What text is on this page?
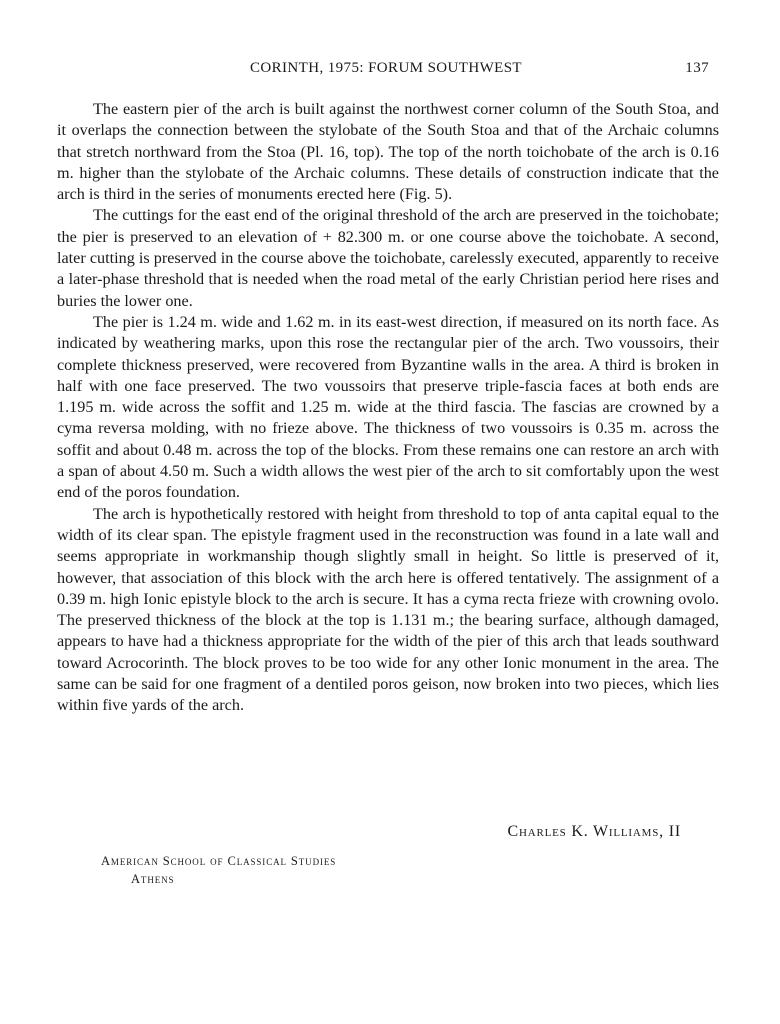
CORINTH, 1975: FORUM SOUTHWEST	137

The eastern pier of the arch is built against the northwest corner column of the South Stoa, and it overlaps the connection between the stylobate of the South Stoa and that of the Archaic columns that stretch northward from the Stoa (Pl. 16, top). The top of the north toichobate of the arch is 0.16 m. higher than the stylobate of the Archaic columns. These details of construction indicate that the arch is third in the series of monuments erected here (Fig. 5).

The cuttings for the east end of the original threshold of the arch are preserved in the toichobate; the pier is preserved to an elevation of + 82.300 m. or one course above the toichobate. A second, later cutting is preserved in the course above the toichobate, carelessly executed, apparently to receive a later-phase threshold that is needed when the road metal of the early Christian period here rises and buries the lower one.

The pier is 1.24 m. wide and 1.62 m. in its east-west direction, if measured on its north face. As indicated by weathering marks, upon this rose the rectangular pier of the arch. Two voussoirs, their complete thickness preserved, were recovered from Byzantine walls in the area. A third is broken in half with one face preserved. The two voussoirs that preserve triple-fascia faces at both ends are 1.195 m. wide across the soffit and 1.25 m. wide at the third fascia. The fascias are crowned by a cyma reversa molding, with no frieze above. The thickness of two voussoirs is 0.35 m. across the soffit and about 0.48 m. across the top of the blocks. From these remains one can restore an arch with a span of about 4.50 m. Such a width allows the west pier of the arch to sit comfortably upon the west end of the poros foundation.

The arch is hypothetically restored with height from threshold to top of anta capital equal to the width of its clear span. The epistyle fragment used in the reconstruction was found in a late wall and seems appropriate in workmanship though slightly small in height. So little is preserved of it, however, that association of this block with the arch here is offered tentatively. The assignment of a 0.39 m. high Ionic epistyle block to the arch is secure. It has a cyma recta frieze with crowning ovolo. The preserved thickness of the block at the top is 1.131 m.; the bearing surface, although damaged, appears to have had a thickness appropriate for the width of the pier of this arch that leads southward toward Acrocorinth. The block proves to be too wide for any other Ionic monument in the area. The same can be said for one fragment of a dentiled poros geison, now broken into two pieces, which lies within five yards of the arch.

Charles K. Williams, II
American School of Classical Studies
Athens
